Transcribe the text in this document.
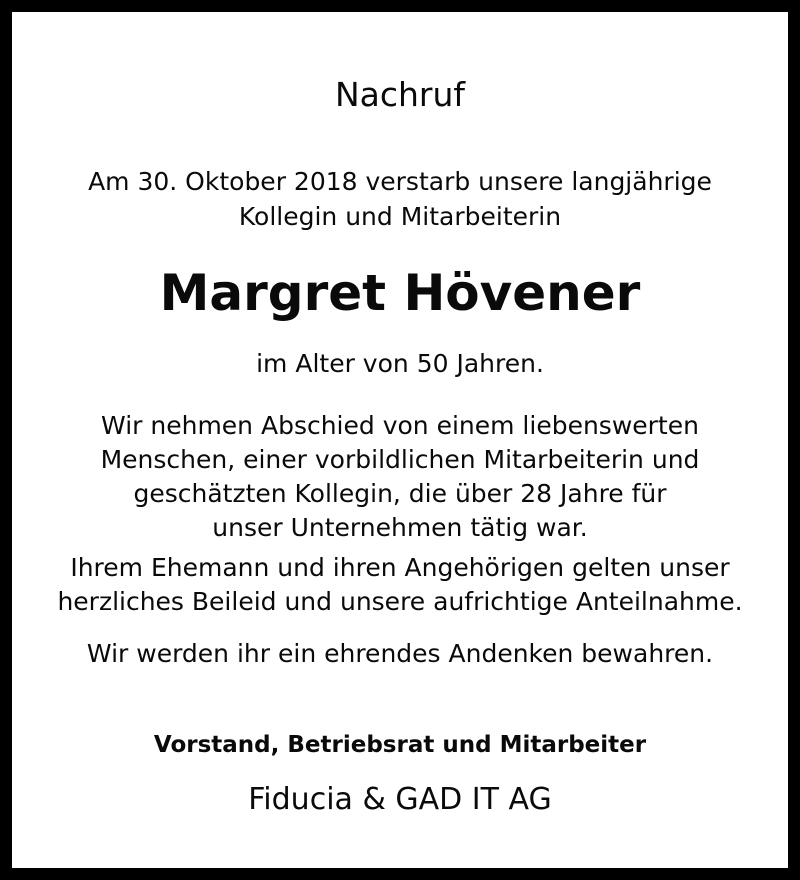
Nachruf
Am 30. Oktober 2018 verstarb unsere langjährige
Kollegin und Mitarbeiterin
Margret Hövener
im Alter von 50 Jahren.
Wir nehmen Abschied von einem liebenswerten
Menschen, einer vorbildlichen Mitarbeiterin und
geschätzten Kollegin, die über 28 Jahre für
unser Unternehmen tätig war.
Ihrem Ehemann und ihren Angehörigen gelten unser
herzliches Beileid und unsere aufrichtige Anteilnahme.
Wir werden ihr ein ehrendes Andenken bewahren.
Vorstand, Betriebsrat und Mitarbeiter
Fiducia & GAD IT AG
